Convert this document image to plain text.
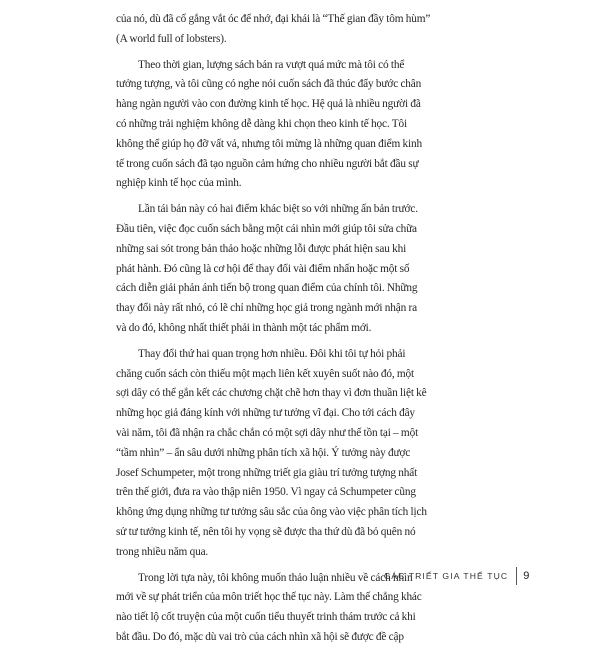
của nó, dù đã cố gắng vắt óc để nhớ, đại khái là “Thế gian đầy tôm hùm”
(A world full of lobsters).

Theo thời gian, lượng sách bán ra vượt quá mức mà tôi có thể
tưởng tượng, và tôi cũng có nghe nói cuốn sách đã thúc đẩy bước chân
hàng ngàn người vào con đường kinh tế học. Hệ quả là nhiều người đã
có những trải nghiệm không dễ dàng khi chọn theo kinh tế học. Tôi
không thể giúp họ đỡ vất vả, nhưng tôi mừng là những quan điểm kinh
tế trong cuốn sách đã tạo nguồn cảm hứng cho nhiều người bắt đầu sự
nghiệp kinh tế học của mình.

Lần tái bản này có hai điểm khác biệt so với những ấn bản trước.
Đầu tiên, việc đọc cuốn sách bằng một cái nhìn mới giúp tôi sửa chữa
những sai sót trong bản thảo hoặc những lỗi được phát hiện sau khi
phát hành. Đó cũng là cơ hội để thay đổi vài điểm nhấn hoặc một số
cách diễn giải phản ánh tiến bộ trong quan điểm của chính tôi. Những
thay đổi này rất nhỏ, có lẽ chỉ những học giả trong ngành mới nhận ra
và do đó, không nhất thiết phải in thành một tác phẩm mới.

Thay đổi thứ hai quan trọng hơn nhiều. Đôi khi tôi tự hỏi phải
chăng cuốn sách còn thiếu một mạch liên kết xuyên suốt nào đó, một
sợi dây có thể gắn kết các chương chặt chẽ hơn thay vì đơn thuần liệt kê
những học giả đáng kính với những tư tưởng vĩ đại. Cho tới cách đây
vài năm, tôi đã nhận ra chắc chắn có một sợi dây như thế tồn tại – một
“tầm nhìn” – ẩn sâu dưới những phân tích xã hội. Ý tưởng này được
Josef Schumpeter, một trong những triết gia giàu trí tưởng tượng nhất
trên thế giới, đưa ra vào thập niên 1950. Vì ngay cả Schumpeter cũng
không ứng dụng những tư tưởng sâu sắc của ông vào việc phân tích lịch
sử tư tưởng kinh tế, nên tôi hy vọng sẽ được tha thứ dù đã bỏ quên nó
trong nhiều năm qua.

Trong lời tựa này, tôi không muốn thảo luận nhiều về cách nhìn
mới về sự phát triển của môn triết học thế tục này. Làm thế chẳng khác
nào tiết lộ cốt truyện của một cuốn tiểu thuyết trinh thám trước cả khi
bắt đầu. Do đó, mặc dù vai trò của cách nhìn xã hội sẽ được đề cập

CÁC TRIẾT GIA THẾ TỤC 9
